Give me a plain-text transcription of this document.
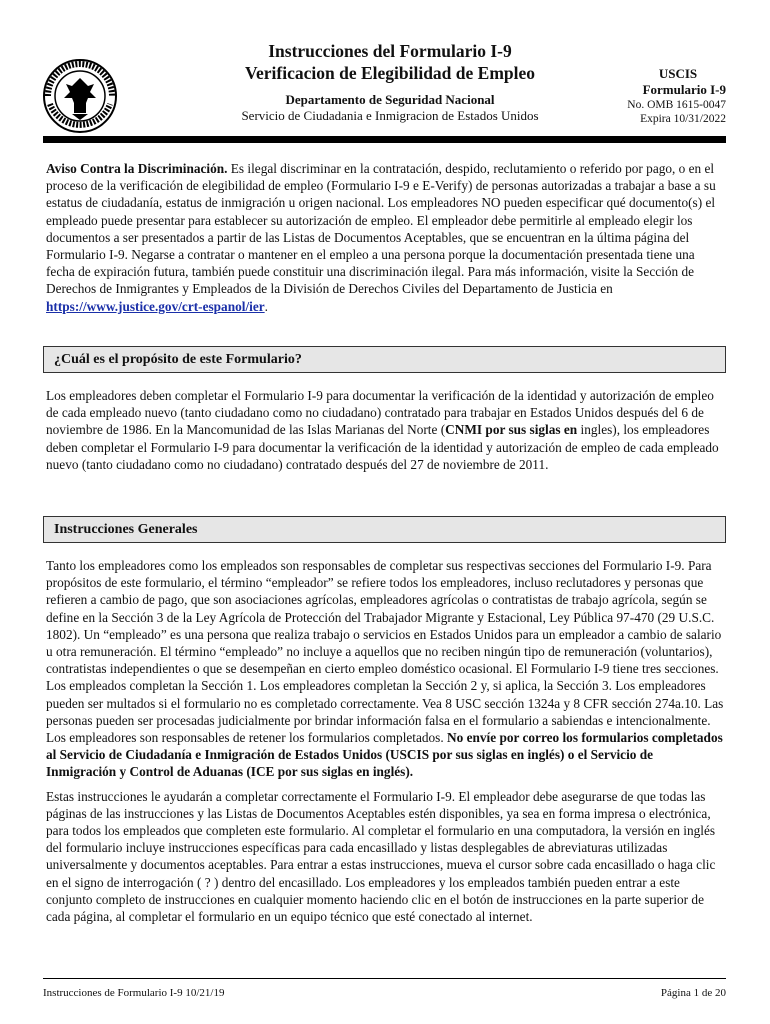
Instrucciones del Formulario I-9
Verificacion de Elegibilidad de Empleo
Departamento de Seguridad Nacional
Servicio de Ciudadania e Inmigracion de Estados Unidos
USCIS
Formulario I-9
No. OMB 1615-0047
Expira 10/31/2022

Aviso Contra la Discriminación. Es ilegal discriminar en la contratación, despido, reclutamiento o referido por pago, o en el proceso de la verificación de elegibilidad de empleo (Formulario I-9 e E-Verify) de personas autorizadas a trabajar a base a su estatus de ciudadanía, estatus de inmigración u origen nacional. Los empleadores NO pueden especificar qué documento(s) el empleado puede presentar para establecer su autorización de empleo. El empleador debe permitirle al empleado elegir los documentos a ser presentados a partir de las Listas de Documentos Aceptables, que se encuentran en la última página del Formulario I-9. Negarse a contratar o mantener en el empleo a una persona porque la documentación presentada tiene una fecha de expiración futura, también puede constituir una discriminación ilegal. Para más información, visite la Sección de Derechos de Inmigrantes y Empleados de la División de Derechos Civiles del Departamento de Justicia en https://www.justice.gov/crt-espanol/ier.

¿Cuál es el propósito de este Formulario?

Los empleadores deben completar el Formulario I-9 para documentar la verificación de la identidad y autorización de empleo de cada empleado nuevo (tanto ciudadano como no ciudadano) contratado para trabajar en Estados Unidos después del 6 de noviembre de 1986. En la Mancomunidad de las Islas Marianas del Norte (CNMI por sus siglas en ingles), los empleadores deben completar el Formulario I-9 para documentar la verificación de la identidad y autorización de empleo de cada empleado nuevo (tanto ciudadano como no ciudadano) contratado después del 27 de noviembre de 2011.

Instrucciones Generales

Tanto los empleadores como los empleados son responsables de completar sus respectivas secciones del Formulario I-9. Para propósitos de este formulario, el término “empleador” se refiere todos los empleadores, incluso reclutadores y personas que refieren a cambio de pago, que son asociaciones agrícolas, empleadores agrícolas o contratistas de trabajo agrícola, según se define en la Sección 3 de la Ley Agrícola de Protección del Trabajador Migrante y Estacional, Ley Pública 97-470 (29 U.S.C. 1802). Un “empleado” es una persona que realiza trabajo o servicios en Estados Unidos para un empleador a cambio de salario u otra remuneración. El término “empleado” no incluye a aquellos que no reciben ningún tipo de remuneración (voluntarios), contratistas independientes o que se desempeñan en cierto empleo doméstico ocasional. El Formulario I-9 tiene tres secciones. Los empleados completan la Sección 1. Los empleadores completan la Sección 2 y, si aplica, la Sección 3. Los empleadores pueden ser multados si el formulario no es completado correctamente. Vea 8 USC sección 1324a y 8 CFR sección 274a.10. Las personas pueden ser procesadas judicialmente por brindar información falsa en el formulario a sabiendas e intencionalmente. Los empleadores son responsables de retener los formularios completados. No envíe por correo los formularios completados al Servicio de Ciudadanía e Inmigración de Estados Unidos (USCIS por sus siglas en inglés) o el Servicio de Inmigración y Control de Aduanas (ICE por sus siglas en inglés).

Estas instrucciones le ayudarán a completar correctamente el Formulario I-9. El empleador debe asegurarse de que todas las páginas de las instrucciones y las Listas de Documentos Aceptables estén disponibles, ya sea en forma impresa o electrónica, para todos los empleados que completen este formulario. Al completar el formulario en una computadora, la versión en inglés del formulario incluye instrucciones específicas para cada encasillado y listas desplegables de abreviaturas utilizadas universalmente y documentos aceptables. Para entrar a estas instrucciones, mueva el cursor sobre cada encasillado o haga clic en el signo de interrogación ( ? ) dentro del encasillado. Los empleadores y los empleados también pueden entrar a este conjunto completo de instrucciones en cualquier momento haciendo clic en el botón de instrucciones en la parte superior de cada página, al completar el formulario en un equipo técnico que esté conectado al internet.

Instrucciones de Formulario I-9 10/21/19	Página 1 de 20
